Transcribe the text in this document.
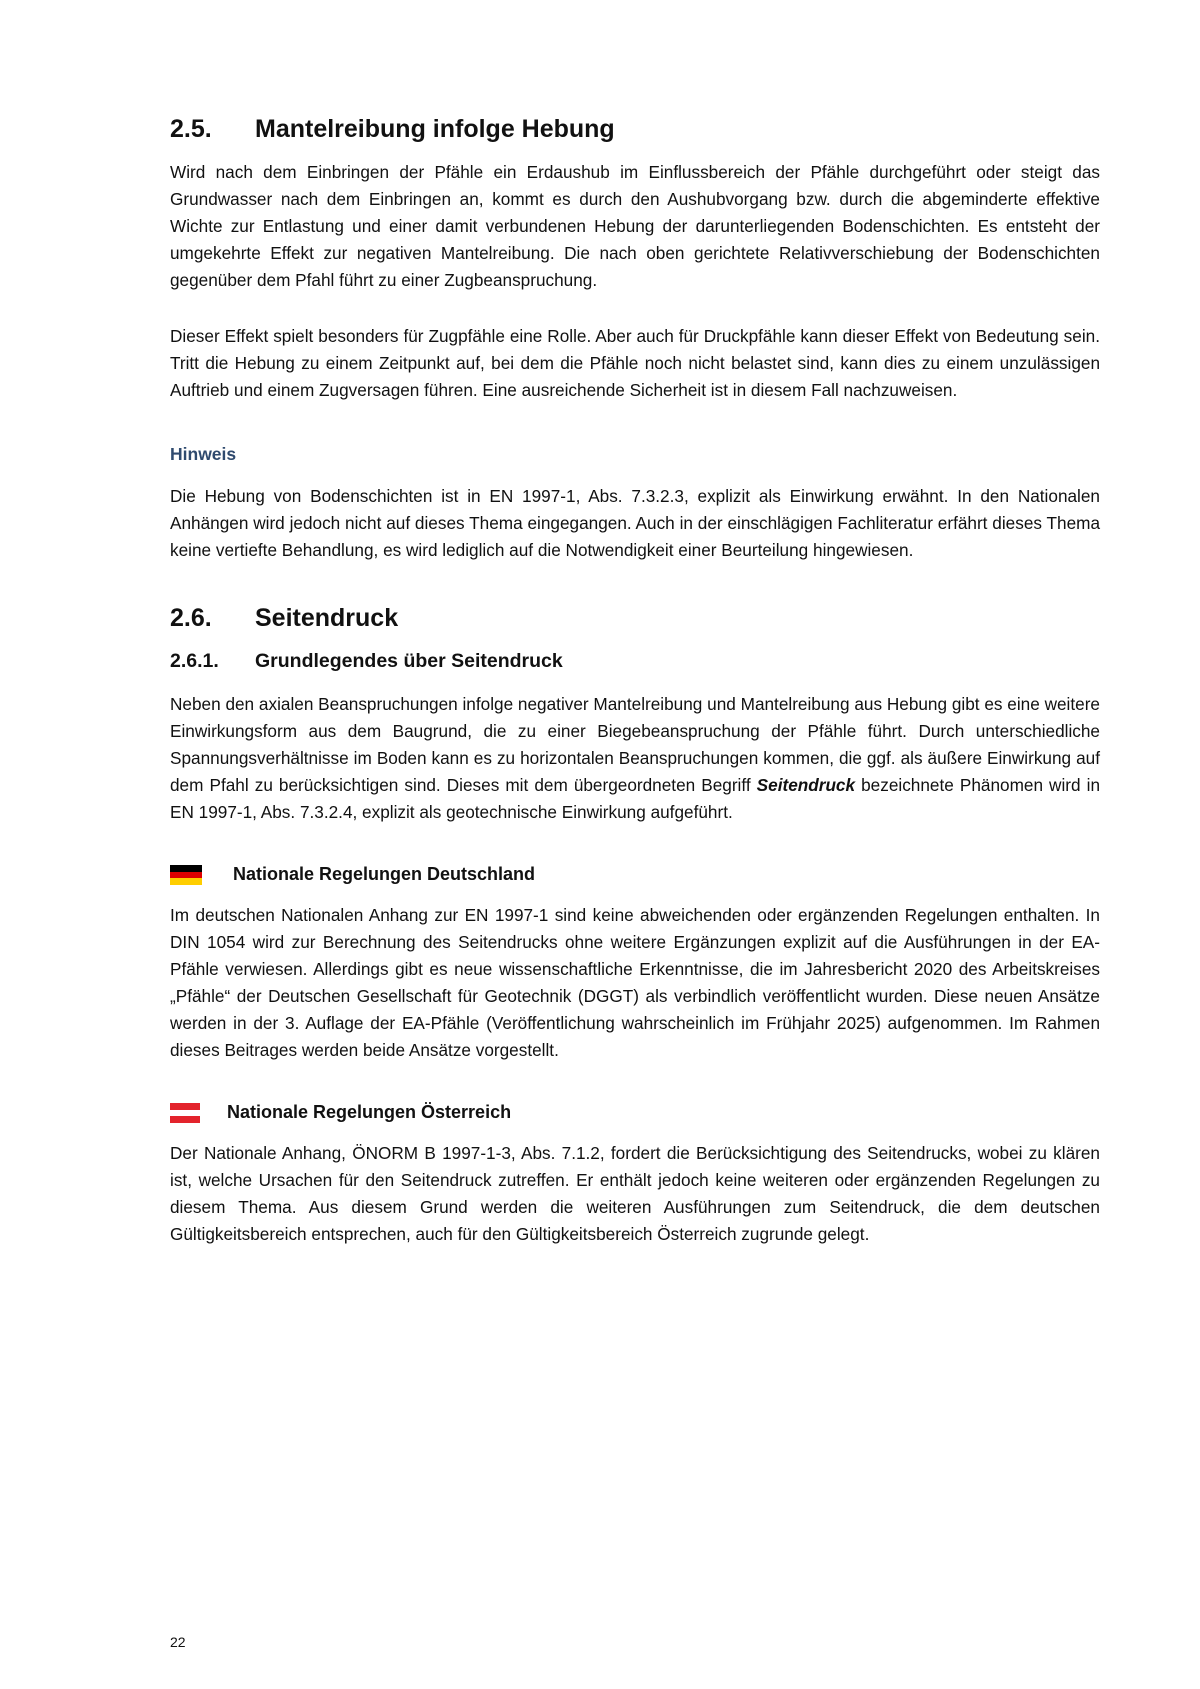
2.5.	Mantelreibung infolge Hebung

Wird nach dem Einbringen der Pfähle ein Erdaushub im Einflussbereich der Pfähle durchgeführt oder steigt das Grundwasser nach dem Einbringen an, kommt es durch den Aushubvorgang bzw. durch die abgeminderte effektive Wichte zur Entlastung und einer damit verbundenen Hebung der darunterliegenden Bodenschichten. Es entsteht der umgekehrte Effekt zur negativen Mantelreibung. Die nach oben gerichtete Relativverschiebung der Bodenschichten gegenüber dem Pfahl führt zu einer Zugbeanspruchung.

Dieser Effekt spielt besonders für Zugpfähle eine Rolle. Aber auch für Druckpfähle kann dieser Effekt von Bedeutung sein. Tritt die Hebung zu einem Zeitpunkt auf, bei dem die Pfähle noch nicht belastet sind, kann dies zu einem unzulässigen Auftrieb und einem Zugversagen führen. Eine ausreichende Sicherheit ist in diesem Fall nachzuweisen.

Hinweis

Die Hebung von Bodenschichten ist in EN 1997-1, Abs. 7.3.2.3, explizit als Einwirkung erwähnt. In den Nationalen Anhängen wird jedoch nicht auf dieses Thema eingegangen. Auch in der einschlägigen Fachliteratur erfährt dieses Thema keine vertiefte Behandlung, es wird lediglich auf die Notwendigkeit einer Beurteilung hingewiesen.

2.6.	Seitendruck
2.6.1.	Grundlegendes über Seitendruck

Neben den axialen Beanspruchungen infolge negativer Mantelreibung und Mantelreibung aus Hebung gibt es eine weitere Einwirkungsform aus dem Baugrund, die zu einer Biegebeanspruchung der Pfähle führt. Durch unterschiedliche Spannungsverhältnisse im Boden kann es zu horizontalen Beanspruchungen kommen, die ggf. als äußere Einwirkung auf dem Pfahl zu berücksichtigen sind. Dieses mit dem übergeordneten Begriff Seitendruck bezeichnete Phänomen wird in EN 1997-1, Abs. 7.3.2.4, explizit als geotechnische Einwirkung aufgeführt.

Nationale Regelungen Deutschland

Im deutschen Nationalen Anhang zur EN 1997-1 sind keine abweichenden oder ergänzenden Regelungen enthalten. In DIN 1054 wird zur Berechnung des Seitendrucks ohne weitere Ergänzungen explizit auf die Ausführungen in der EA-Pfähle verwiesen. Allerdings gibt es neue wissenschaftliche Erkenntnisse, die im Jahresbericht 2020 des Arbeitskreises „Pfähle“ der Deutschen Gesellschaft für Geotechnik (DGGT) als verbindlich veröffentlicht wurden. Diese neuen Ansätze werden in der 3. Auflage der EA-Pfähle (Veröffentlichung wahrscheinlich im Frühjahr 2025) aufgenommen. Im Rahmen dieses Beitrages werden beide Ansätze vorgestellt.

Nationale Regelungen Österreich

Der Nationale Anhang, ÖNORM B 1997-1-3, Abs. 7.1.2, fordert die Berücksichtigung des Seitendrucks, wobei zu klären ist, welche Ursachen für den Seitendruck zutreffen. Er enthält jedoch keine weiteren oder ergänzenden Regelungen zu diesem Thema. Aus diesem Grund werden die weiteren Ausführungen zum Seitendruck, die dem deutschen Gültigkeitsbereich entsprechen, auch für den Gültigkeitsbereich Österreich zugrunde gelegt.

22
